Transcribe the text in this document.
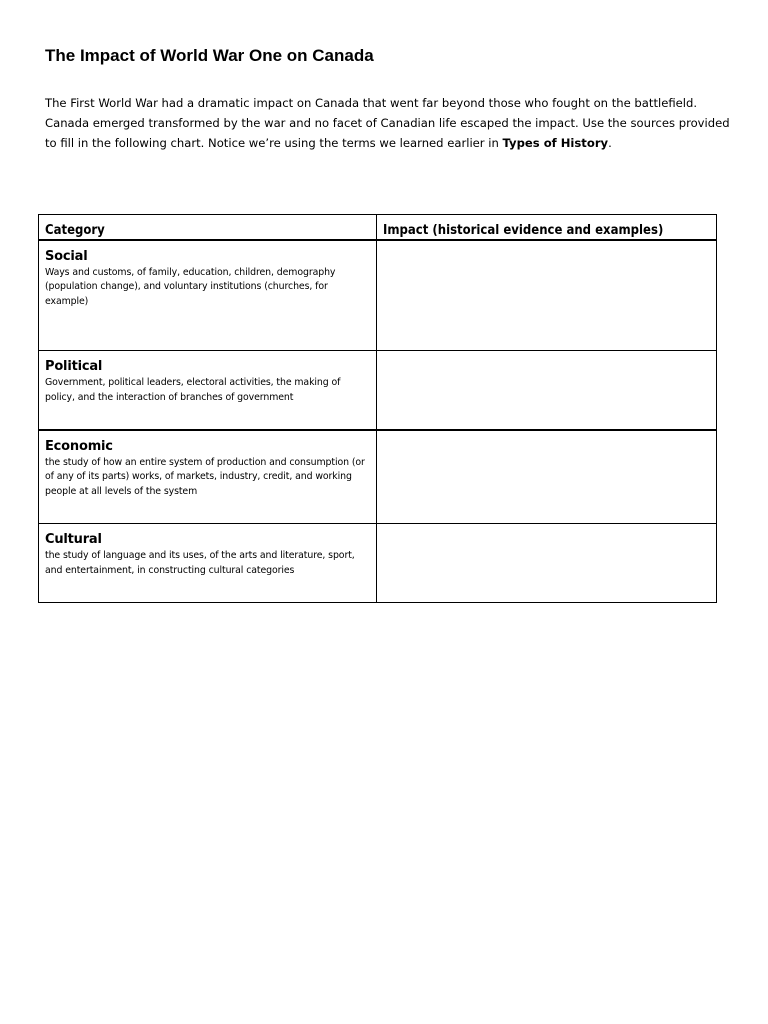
The Impact of World War One on Canada

The First World War had a dramatic impact on Canada that went far beyond those who fought on the battlefield. Canada emerged transformed by the war and no facet of Canadian life escaped the impact. Use the sources provided to fill in the following chart. Notice we’re using the terms we learned earlier in Types of History.

Category	Impact (historical evidence and examples)

Social
Ways and customs, of family, education, children, demography (population change), and voluntary institutions (churches, for example)	

Political
Government, political leaders, electoral activities, the making of policy, and the interaction of branches of government	

Economic
the study of how an entire system of production and consumption (or of any of its parts) works, of markets, industry, credit, and working people at all levels of the system	

Cultural
the study of language and its uses, of the arts and literature, sport, and entertainment, in constructing cultural categories	
